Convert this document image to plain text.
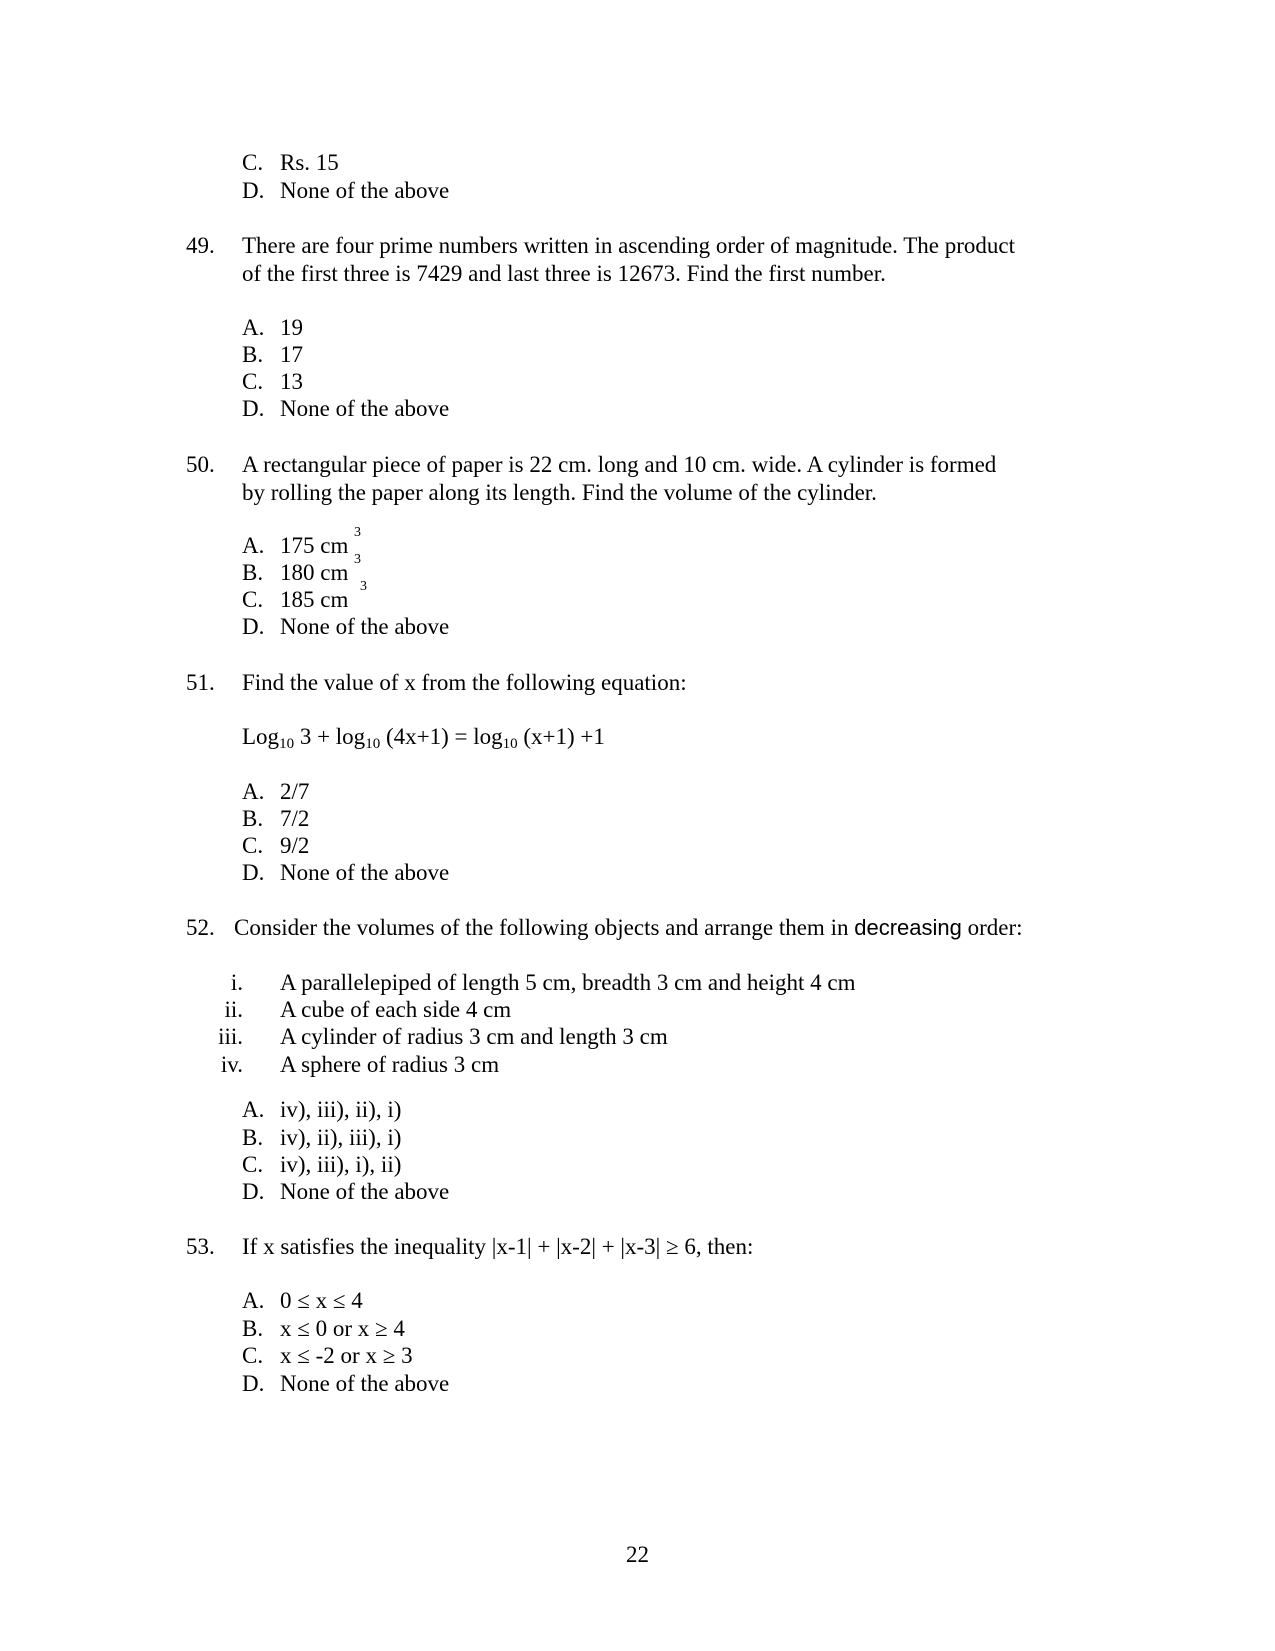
C. Rs. 15
D. None of the above
49. There are four prime numbers written in ascending order of magnitude. The product
of the first three is 7429 and last three is 12673. Find the first number.
A. 19
B. 17
C. 13
D. None of the above
50. A rectangular piece of paper is 22 cm. long and 10 cm. wide. A cylinder is formed
by rolling the paper along its length. Find the volume of the cylinder.
A. 175 cm
3
B. 180 cm
3
C. 185 cm
3
D. None of the above
51. Find the value of x from the following equation:
Log$_{10}$ $3 + \log_{10} (4x+1) = \log_{10} (x+1) +1$
A. 2/7
B. 7/2
C. 9/2
D. None of the above
52. Consider the volumes of the following objects and arrange them in decreasing order:
i. A parallelepiped of length 5 cm, breadth 3 cm and height 4 cm
ii. A cube of each side 4 cm
iii. A cylinder of radius 3 cm and length 3 cm
iv. A sphere of radius 3 cm
A. iv), iii), ii), i)
B. iv), ii), iii), i)
C. iv), iii), i), ii)
D. None of the above
53. If x satisfies the inequality |x-1| + |x-2| + |x-3| ≥ 6, then:
A. 0 ≤ x ≤ 4
B. x ≤ 0 or x ≥ 4
C. x ≤ -2 or x ≥ 3
D. None of the above
22
